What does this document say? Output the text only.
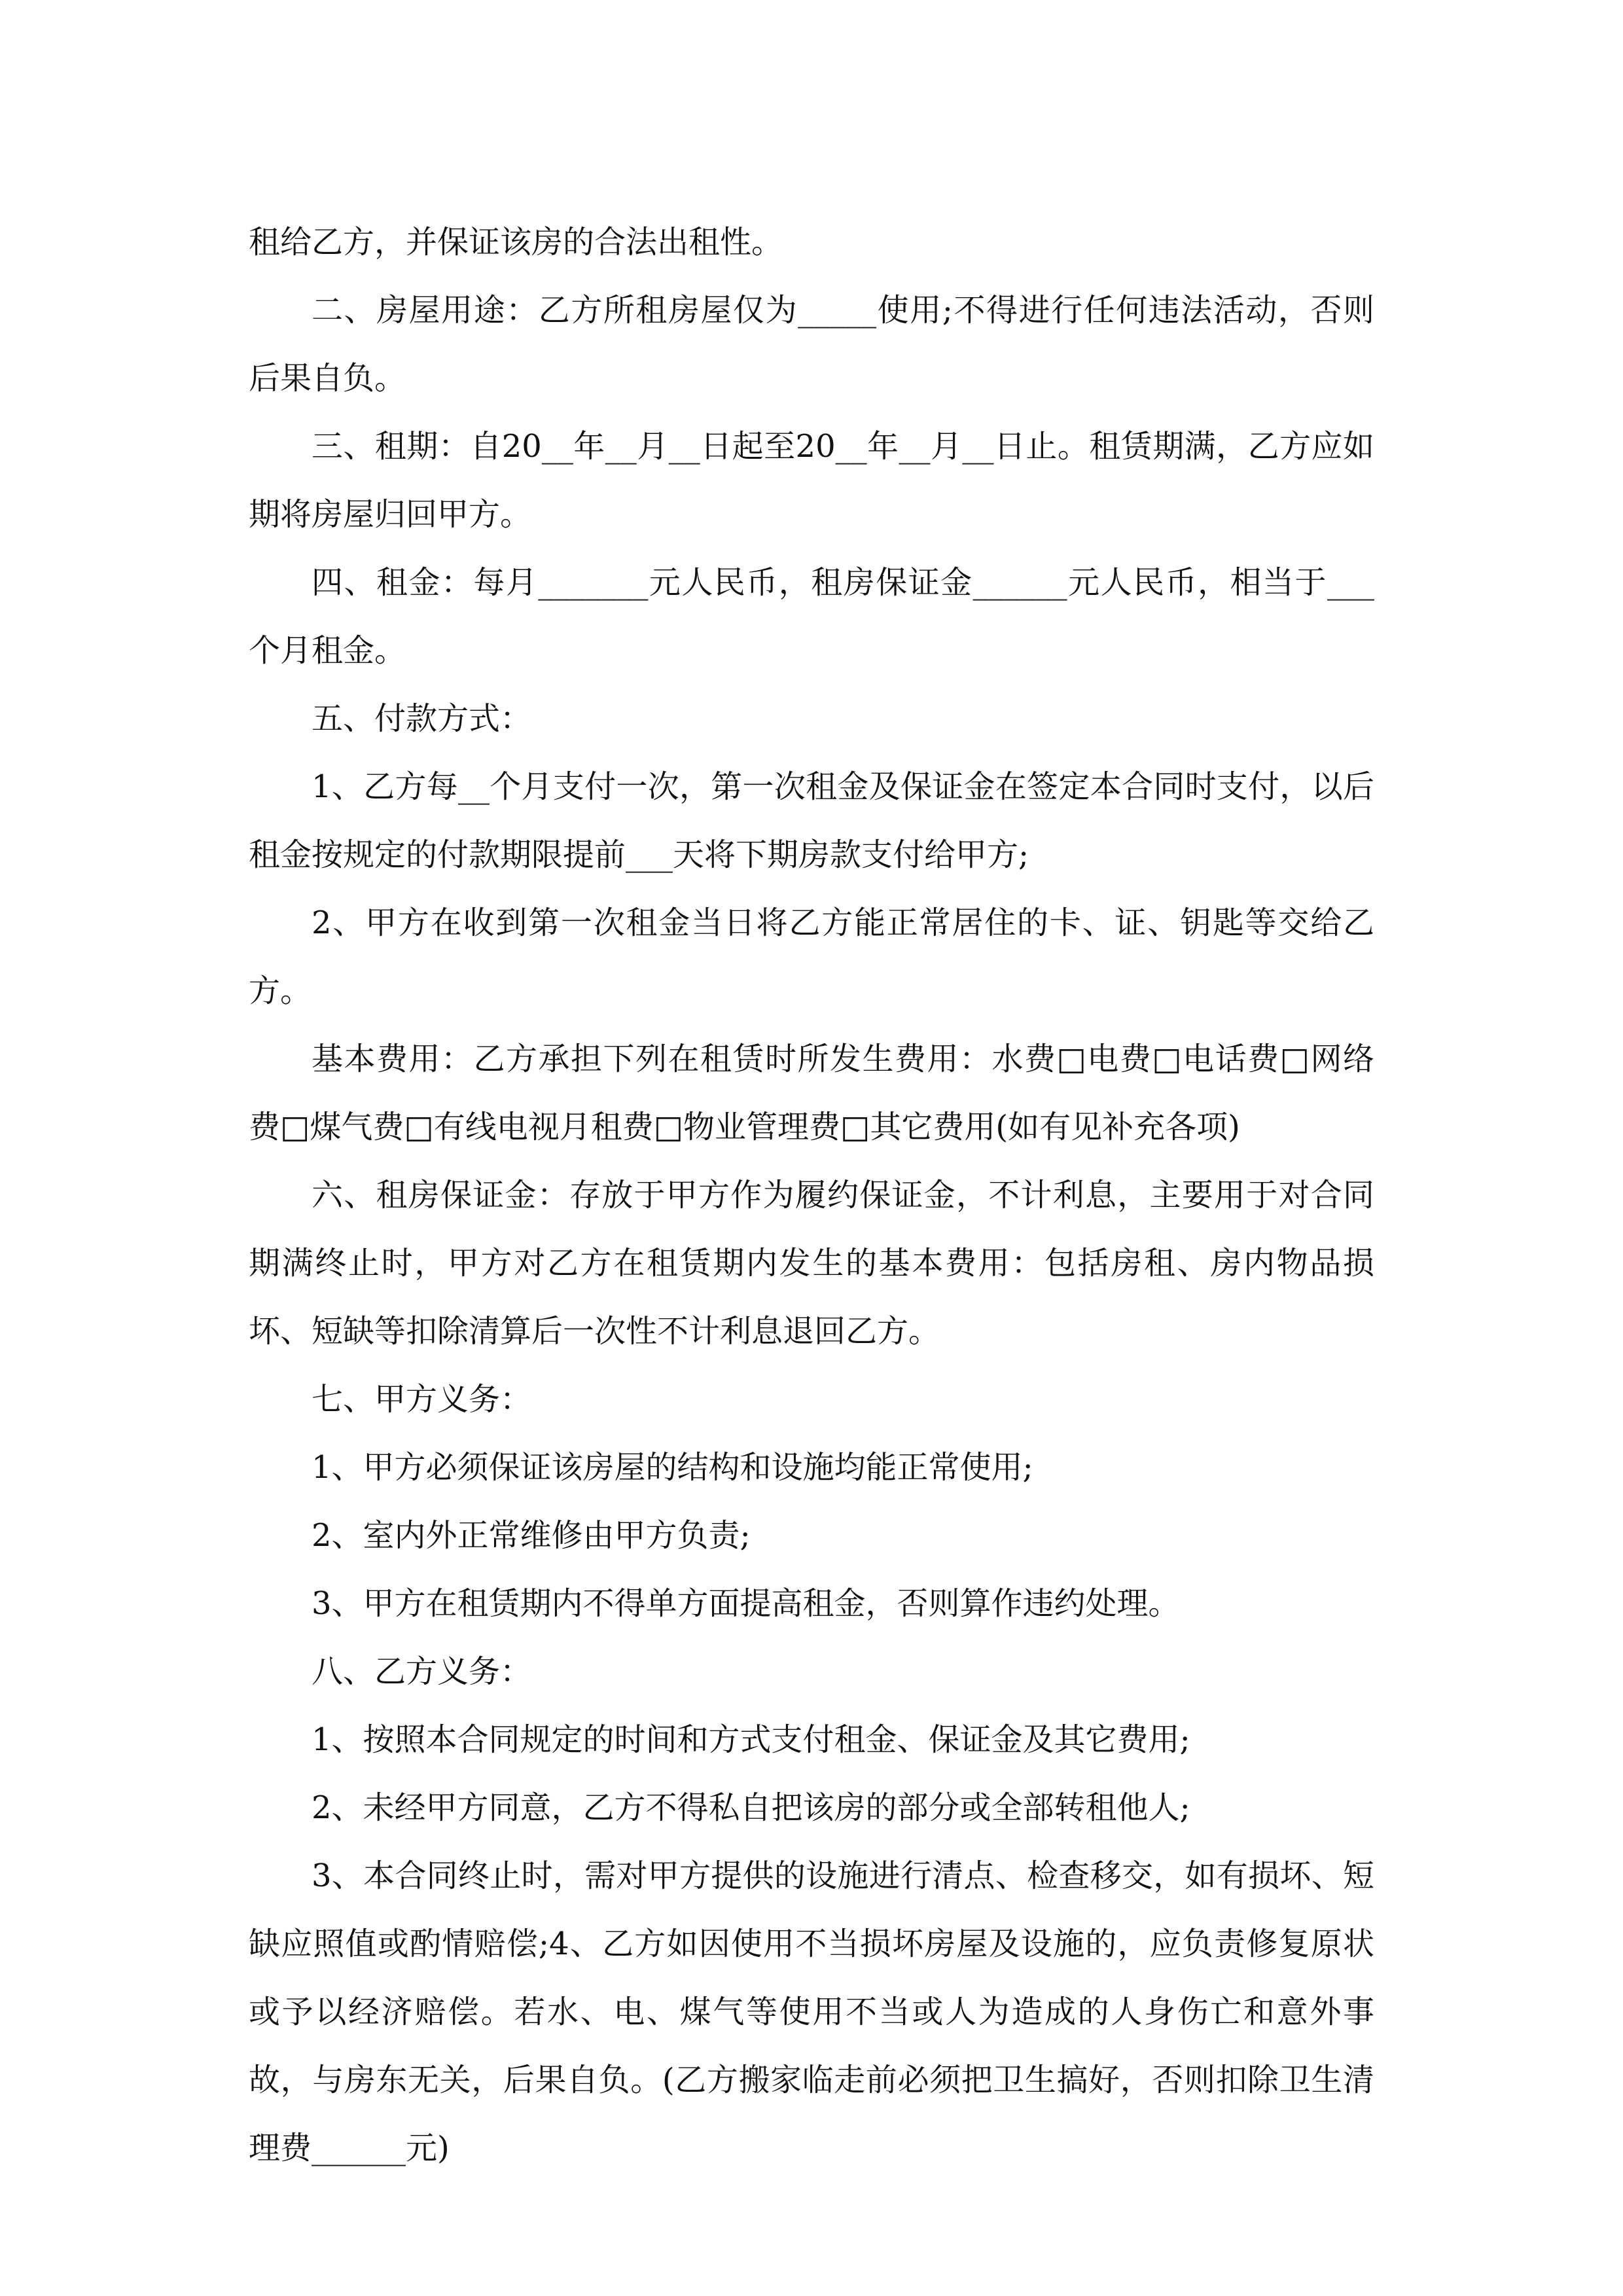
租给乙方，并保证该房的合法出租性。

二、房屋用途：乙方所租房屋仅为_____使用;不得进行任何违法活动，否则后果自负。

三、租期：自20__年__月__日起至20__年__月__日止。租赁期满，乙方应如期将房屋归回甲方。

四、租金：每月_______元人民币，租房保证金______元人民币，相当于___个月租金。

五、付款方式：

1、乙方每__个月支付一次，第一次租金及保证金在签定本合同时支付，以后租金按规定的付款期限提前___天将下期房款支付给甲方;

2、甲方在收到第一次租金当日将乙方能正常居住的卡、证、钥匙等交给乙方。

基本费用：乙方承担下列在租赁时所发生费用：水费□电费□电话费□网络费□煤气费□有线电视月租费□物业管理费□其它费用(如有见补充各项)

六、租房保证金：存放于甲方作为履约保证金，不计利息，主要用于对合同期满终止时，甲方对乙方在租赁期内发生的基本费用：包括房租、房内物品损坏、短缺等扣除清算后一次性不计利息退回乙方。

七、甲方义务：

1、甲方必须保证该房屋的结构和设施均能正常使用;

2、室内外正常维修由甲方负责;

3、甲方在租赁期内不得单方面提高租金，否则算作违约处理。

八、乙方义务：

1、按照本合同规定的时间和方式支付租金、保证金及其它费用;

2、未经甲方同意，乙方不得私自把该房的部分或全部转租他人;

3、本合同终止时，需对甲方提供的设施进行清点、检查移交，如有损坏、短缺应照值或酌情赔偿;4、乙方如因使用不当损坏房屋及设施的，应负责修复原状或予以经济赔偿。若水、电、煤气等使用不当或人为造成的人身伤亡和意外事故，与房东无关，后果自负。(乙方搬家临走前必须把卫生搞好，否则扣除卫生清理费______元)
